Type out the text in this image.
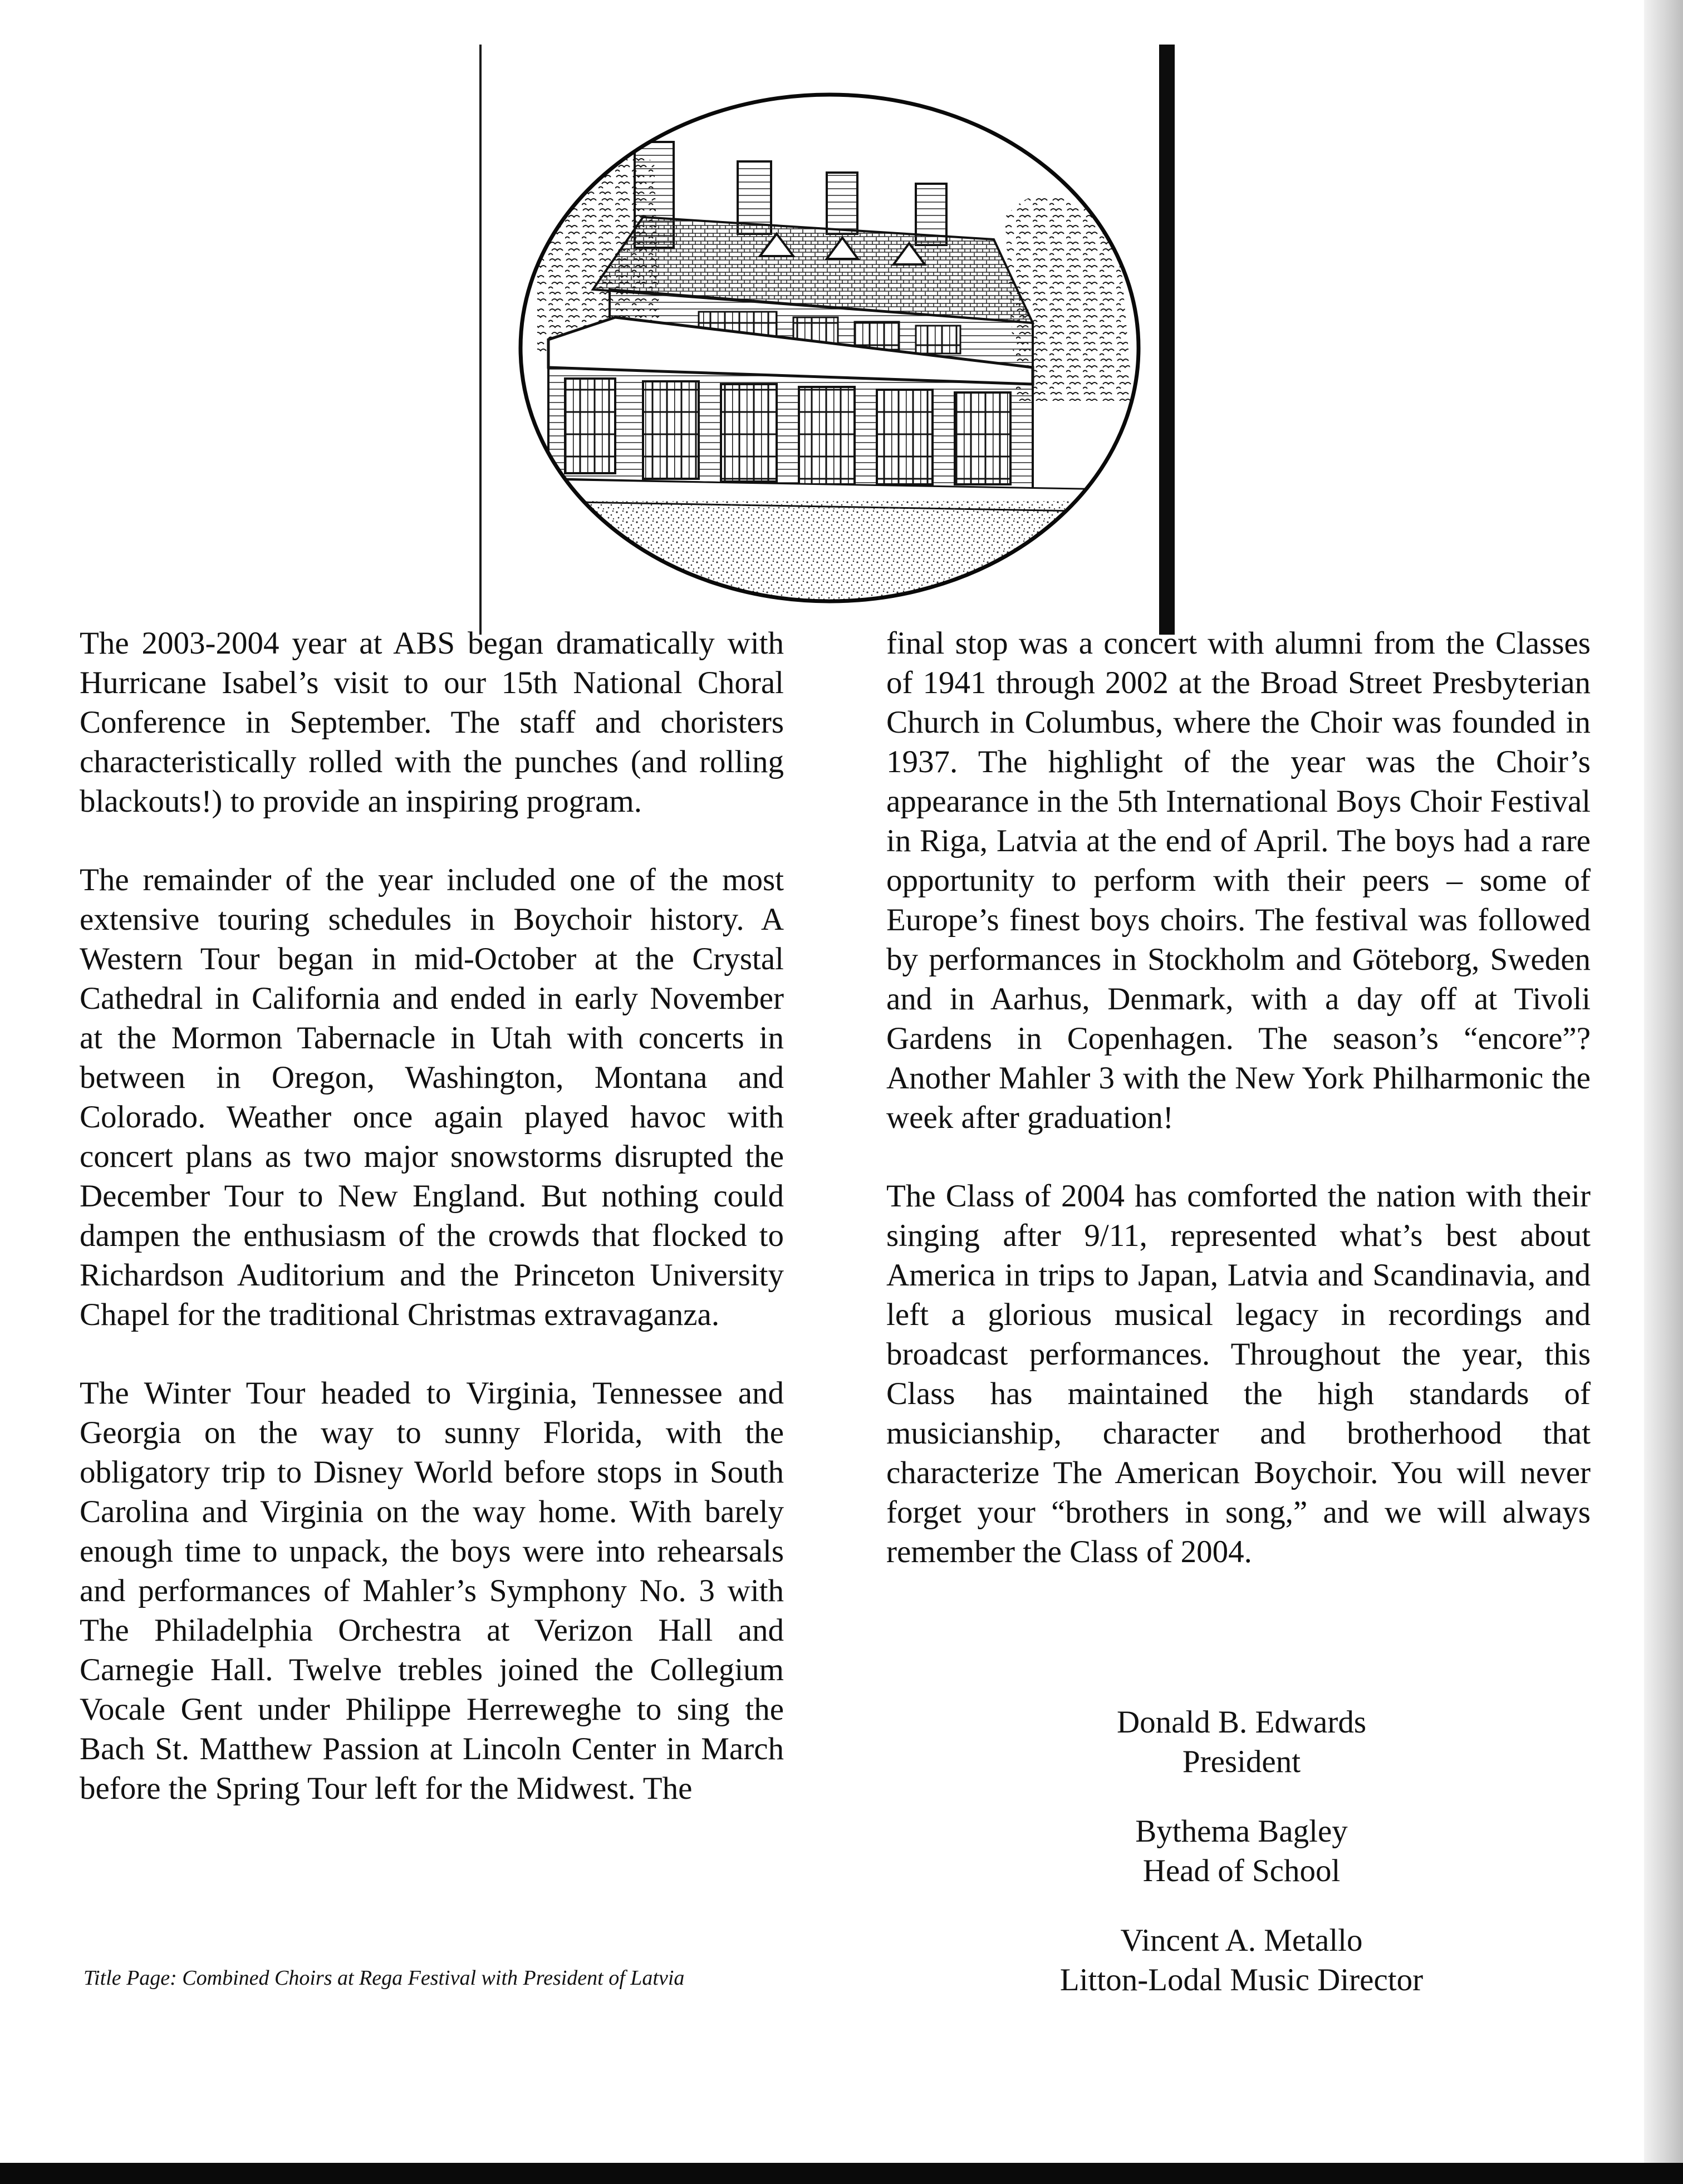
The 2003-2004 year at ABS began dramatically with Hurricane Isabel’s visit to our 15th National Choral Conference in September. The staff and choristers characteristically rolled with the punches (and rolling blackouts!) to provide an inspiring program.

The remainder of the year included one of the most extensive touring schedules in Boychoir history. A Western Tour began in mid-October at the Crystal Cathedral in California and ended in early November at the Mormon Tabernacle in Utah with concerts in between in Oregon, Washington, Montana and Colorado. Weather once again played havoc with concert plans as two major snowstorms disrupted the December Tour to New England. But nothing could dampen the enthusiasm of the crowds that flocked to Richardson Auditorium and the Princeton University Chapel for the traditional Christmas extravaganza.

The Winter Tour headed to Virginia, Tennessee and Georgia on the way to sunny Florida, with the obligatory trip to Disney World before stops in South Carolina and Virginia on the way home. With barely enough time to unpack, the boys were into rehearsals and performances of Mahler’s Symphony No. 3 with The Philadelphia Orchestra at Verizon Hall and Carnegie Hall. Twelve trebles joined the Collegium Vocale Gent under Philippe Herreweghe to sing the Bach St. Matthew Passion at Lincoln Center in March before the Spring Tour left for the Midwest. The

final stop was a concert with alumni from the Classes of 1941 through 2002 at the Broad Street Presbyterian Church in Columbus, where the Choir was founded in 1937. The highlight of the year was the Choir’s appearance in the 5th International Boys Choir Festival in Riga, Latvia at the end of April. The boys had a rare opportunity to perform with their peers – some of Europe’s finest boys choirs. The festival was followed by performances in Stockholm and Göteborg, Sweden and in Aarhus, Denmark, with a day off at Tivoli Gardens in Copenhagen. The season’s “encore”? Another Mahler 3 with the New York Philharmonic the week after graduation!

The Class of 2004 has comforted the nation with their singing after 9/11, represented what’s best about America in trips to Japan, Latvia and Scandinavia, and left a glorious musical legacy in recordings and broadcast performances. Throughout the year, this Class has maintained the high standards of musicianship, character and brotherhood that characterize The American Boychoir. You will never forget your “brothers in song,” and we will always remember the Class of 2004.

Donald B. Edwards
President
Bythema Bagley
Head of School
Vincent A. Metallo
Litton-Lodal Music Director
Title Page: Combined Choirs at Rega Festival with President of Latvia
